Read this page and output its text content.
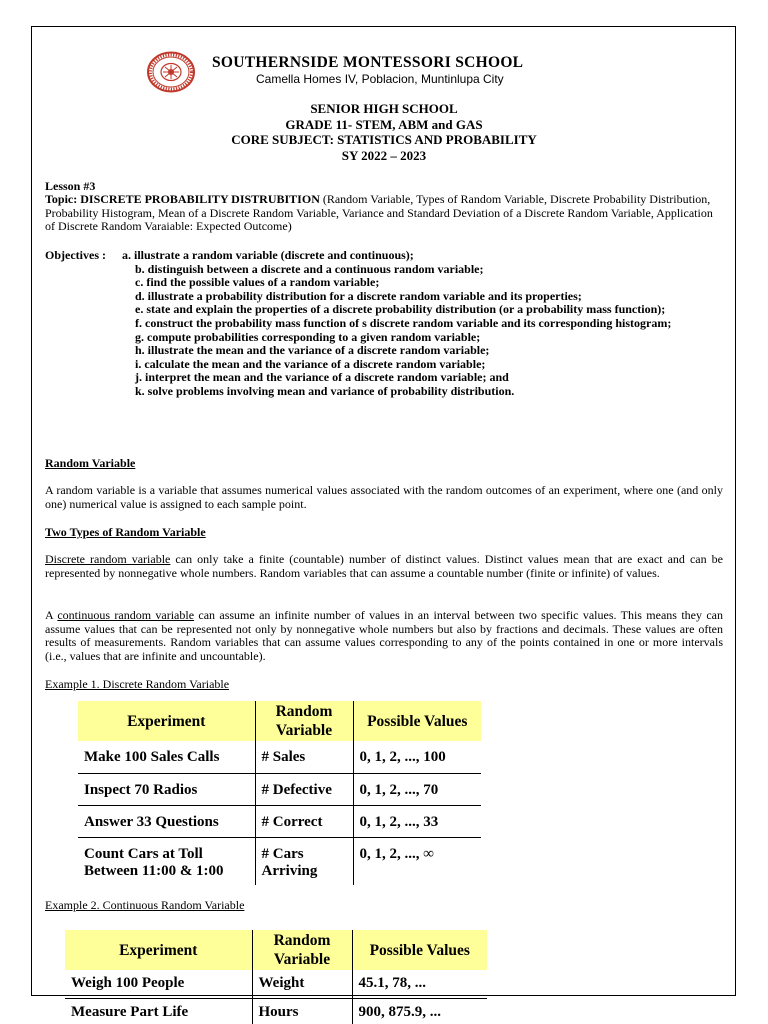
SOUTHERNSIDE MONTESSORI SCHOOL
Camella Homes IV, Poblacion, Muntinlupa City
SENIOR HIGH SCHOOL
GRADE 11- STEM, ABM and GAS
CORE SUBJECT: STATISTICS AND PROBABILITY
SY 2022 – 2023
Lesson #3
Topic: DISCRETE PROBABILITY DISTRUBITION (Random Variable, Types of Random Variable, Discrete Probability Distribution, Probability Histogram, Mean of a Discrete Random Variable, Variance and Standard Deviation of a Discrete Random Variable, Application of Discrete Random Varaiable: Expected Outcome)
Objectives : a. illustrate a random variable (discrete and continuous);
b. distinguish between a discrete and a continuous random variable;
c. find the possible values of a random variable;
d. illustrate a probability distribution for a discrete random variable and its properties;
e. state and explain the properties of a discrete probability distribution (or a probability mass function);
f. construct the probability mass function of s discrete random variable and its corresponding histogram;
g. compute probabilities corresponding to a given random variable;
h. illustrate the mean and the variance of a discrete random variable;
i. calculate the mean and the variance of a discrete random variable;
j. interpret the mean and the variance of a discrete random variable; and
k. solve problems involving mean and variance of probability distribution.
Random Variable
A random variable is a variable that assumes numerical values associated with the random outcomes of an experiment, where one (and only one) numerical value is assigned to each sample point.
Two Types of Random Variable
Discrete random variable can only take a finite (countable) number of distinct values. Distinct values mean that are exact and can be represented by nonnegative whole numbers. Random variables that can assume a countable number (finite or infinite) of values.
A continuous random variable can assume an infinite number of values in an interval between two specific values. This means they can assume values that can be represented not only by nonnegative whole numbers but also by fractions and decimals. These values are often results of measurements. Random variables that can assume values corresponding to any of the points contained in one or more intervals (i.e., values that are infinite and uncountable).
Example 1. Discrete Random Variable
Experiment	Random Variable	Possible Values
Make 100 Sales Calls	# Sales	0, 1, 2, ..., 100
Inspect 70 Radios	# Defective	0, 1, 2, ..., 70
Answer 33 Questions	# Correct	0, 1, 2, ..., 33
Count Cars at Toll Between 11:00 & 1:00	# Cars Arriving	0, 1, 2, ..., ∞
Example 2. Continuous Random Variable
Experiment	Random Variable	Possible Values
Weigh 100 People	Weight	45.1, 78, ...
Measure Part Life	Hours	900, 875.9, ...
